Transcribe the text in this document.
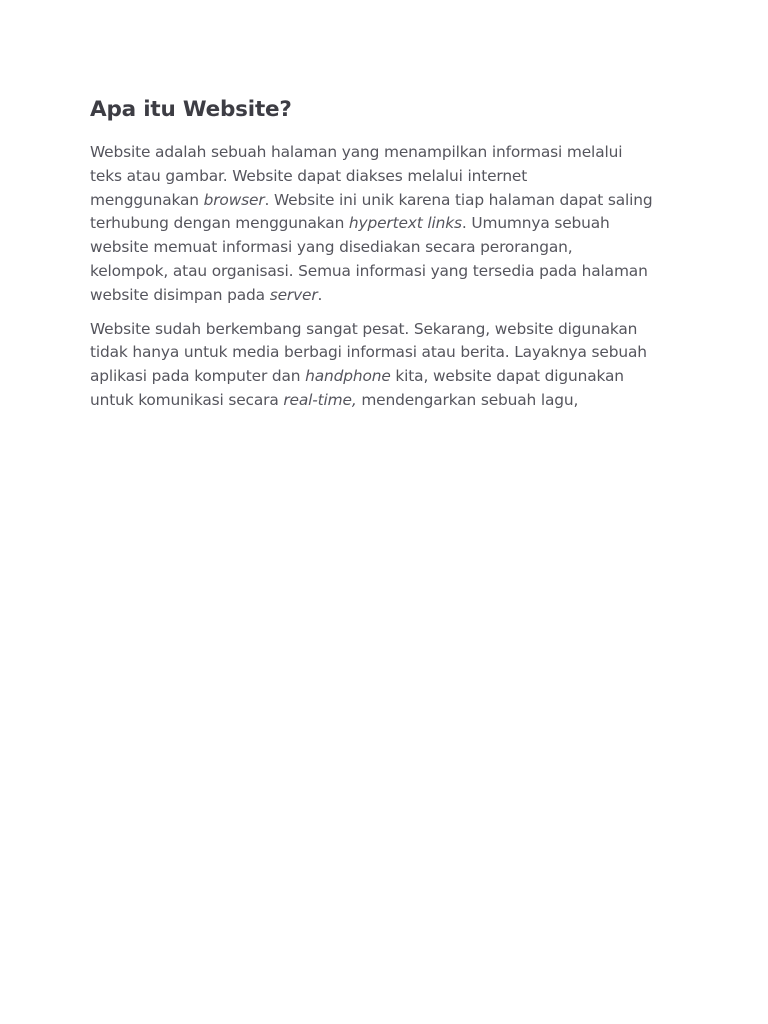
Apa itu Website?

Website adalah sebuah halaman yang menampilkan informasi melalui
teks atau gambar. Website dapat diakses melalui internet
menggunakan browser. Website ini unik karena tiap halaman dapat saling
terhubung dengan menggunakan hypertext links. Umumnya sebuah
website memuat informasi yang disediakan secara perorangan,
kelompok, atau organisasi. Semua informasi yang tersedia pada halaman
website disimpan pada server.

Website sudah berkembang sangat pesat. Sekarang, website digunakan
tidak hanya untuk media berbagi informasi atau berita. Layaknya sebuah
aplikasi pada komputer dan handphone kita, website dapat digunakan
untuk komunikasi secara real-time, mendengarkan sebuah lagu,
